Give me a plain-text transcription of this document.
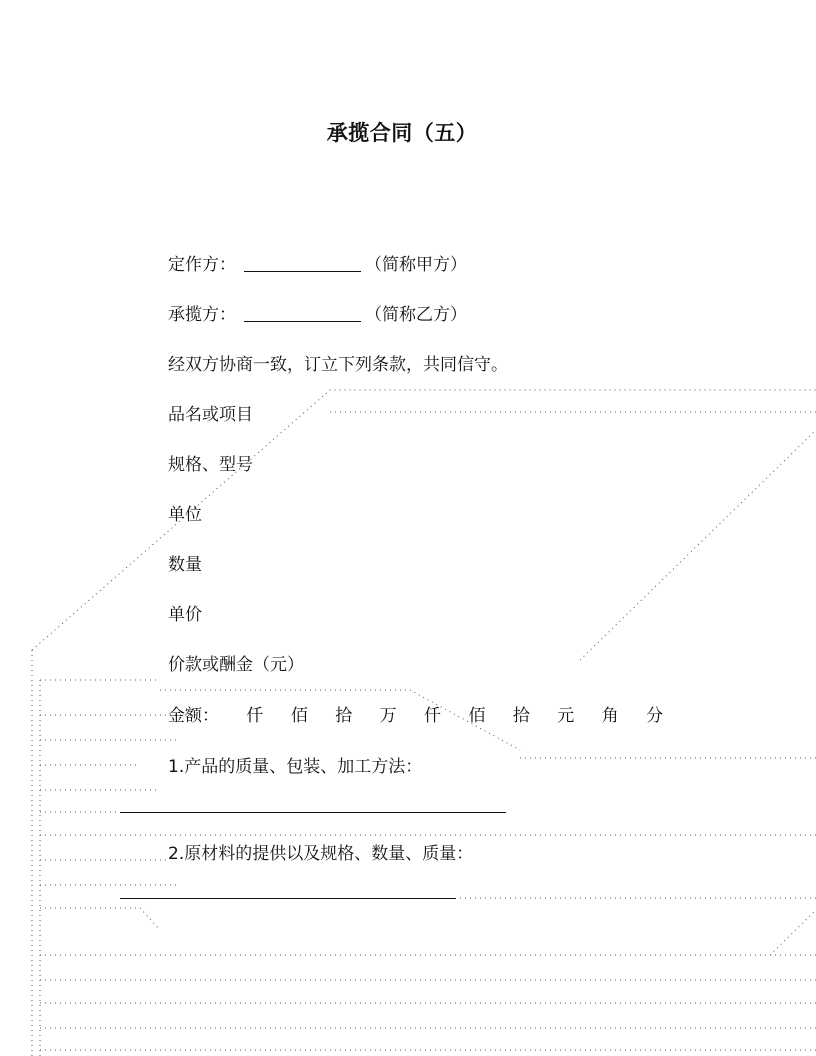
承揽合同（五）
定作方：	（简称甲方）
承揽方：	（简称乙方）
经双方协商一致，订立下列条款，共同信守。
品名或项目
规格、型号
单位
数量
单价
价款或酬金（元）
金额： 仟 佰 拾 万 仟 佰 拾 元 角 分
1.产品的质量、包装、加工方法：
2.原材料的提供以及规格、数量、质量：
